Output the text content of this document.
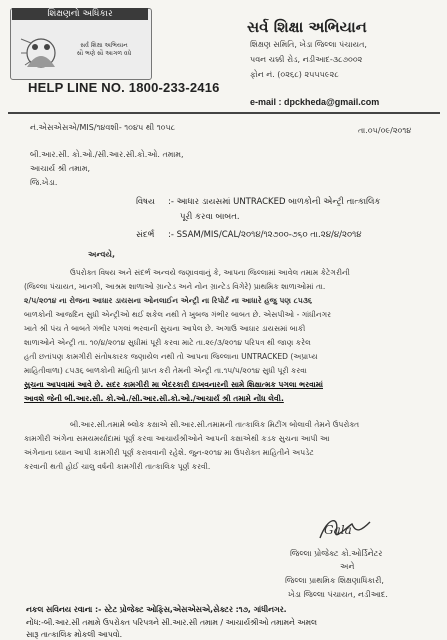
શિક્ષણનો અધિકાર
સર્વ શિક્ષા અભિયાન
સૌ ભણે સૌ આગળ વધે
HELP LINE NO. 1800-233-2416
સર્વ શિક્ષા અભિયાન
શિક્ષણ સમિતિ, ખેડા જિલ્લા પંચાયત,
પવન ચક્કી રોડ, નડીઆદ-૩૮૭૦૦૨
ફોન નં. (૦૨૬૮) ૨૫૫૫૯૨૮
e-mail : dpckheda@gmail.com
નં.એસએસએ/MIS/૧૪વશી- ૧૦૪૫ થી ૧૦૫૮	તા.૦૫/૦૯/૨૦૧૪
બી.આર.સી. કો.ઓ./સી.આર.સી.કો.ઓ. તમામ,
આચાર્ય શ્રી તમામ,
જિ.ખેડા.
વિષય :- આધાર ડાયસમાં UNTRACKED બાળકોની એન્ટ્રી તાત્કાલિક
પૂરી કરવા બાબત.
સંદર્ભ :- SSAM/MIS/CAL/૨૦૧૪/૧૨૭૦૦-૭૬૦ તા.૨૪/૪/૨૦૧૪
અન્વયે,
ઉપરોક્ત વિષય અને સંદર્ભ અન્વયે જણાવવાનું કે, આપના જિલ્લામાં આવેલ તમામ કેટેગરીની
(જિલ્લા પંચાયત, ખાનગી, આશ્રમ શાળાઓ ગ્રાન્ટેડ અને નોન ગ્રાન્ટેડ વિગેરે) પ્રાથમિક શાળાઓમાં તા.
૨/૫/૨૦૧૪ ના રોજના આધાર ડાયસના ઓનલાઈન એન્ટ્રી ના રિપોર્ટ ના આધારે હજુ પણ ૮૫૩૬
બાળકોની આજદિન સુધી એન્ટ્રીઓ થઈ શકેલ નથી તે ખુબજ ગંભીર બાબત છે. એસપીઓ - ગાંધીનગર
ખાતે શ્રી પંચ તે બાબતે ગંભીર પગલાં ભરવાની સુચના આપેલ છે. અગાઉ આધાર ડાયસમાં બાકી
શાળાઓને એન્ટ્રી તા. ૧૦/૪/૨૦૧૪ સુધીમાં પૂરી કરવા માટે તા.૨૯/૩/૨૦૧૪ પરિપત્ર થી જાણ કરેલ
હતી છતાંપણ કામગીરી સંતોષકારક જણાયેલ નથી તો આપના જિલ્લાના UNTRACKED (અપ્રાપ્ય
માહિતીવાળા) ૮૫૩૬ બાળકોની માહિતી પ્રાપ્ત કરી તેમની એન્ટ્રી તા.૧૫/૫/૨૦૧૪ સુધી પૂરી કરવા
સુચના આપવામાં આવે છે. સદર કામગીરી મા બેદરકારી દાખવનારની સામે શિક્ષાત્મક પગલા ભરવામાં
આવશે જેની બી.આર.સી. કો.ઓ./સી.આર.સી.કો.ઓ./આચાર્ય શ્રી તમામે નોંધ લેવી.
બી.આર.સી.તમામે બ્લોક કક્ષાએ સી.આર.સી.તમામની તાત્કાલિક મિટીંગ બોલાવી તેમને ઉપરોક્ત
કામગીરી અંગેના સમયમર્યાદામાં પૂર્ણ કરવા આચાર્યશ્રીઓને આપની કક્ષાએથી કડક સુચના આપી આ
અંગેનાના ધ્યાન આપી કામગીરી પૂર્ણ કરાવવાની રહેશે. જુન-૨૦૧૪ મા ઉપરોક્ત માહિતીને અપડેટ
કરવાની થતી હોઈ ચાલુ વર્ષની કામગીરી તાત્કાલિક પૂર્ણ કરવી.
Gala
જિલ્લા પ્રોજેક્ટ કો.ઓર્ડિનેટર
અને
જિલ્લા પ્રાથમિક શિક્ષણાધિકારી,
ખેડા જિલ્લા પંચાયત, નડીઆદ.
નકલ સવિનય રવાના :- સ્ટેટ પ્રોજેક્ટ ઓફિસ,એસએસએ,સેક્ટર :૧૭, ગાંધીનગર.
નોંધ:-બી.આર.સી તમામે ઉપરોક્ત પરિપત્રને સી.આર.સી તમામ / આચાર્યશ્રીઓ તમામને અમલ
સારૂ તાત્કાલિક મોકલી આપવો.
